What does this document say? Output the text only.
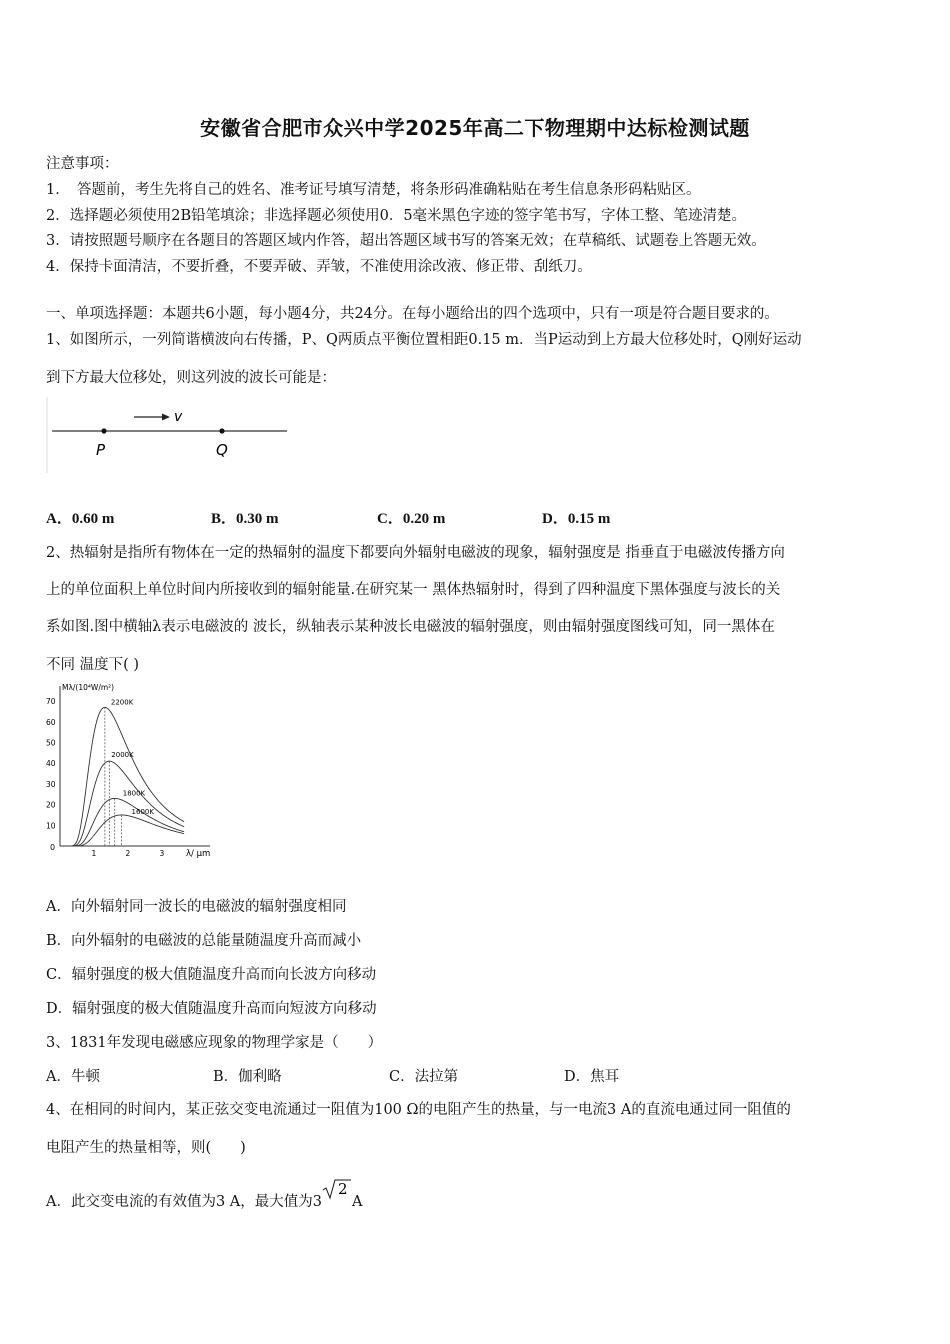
安徽省合肥市众兴中学2025年高二下物理期中达标检测试题
注意事项：
1．　答题前，考生先将自己的姓名、准考证号填写清楚，将条形码准确粘贴在考生信息条形码粘贴区。
2．选择题必须使用2B铅笔填涂；非选择题必须使用0．5毫米黑色字迹的签字笔书写，字体工整、笔迹清楚。
3．请按照题号顺序在各题目的答题区域内作答，超出答题区域书写的答案无效；在草稿纸、试题卷上答题无效。
4．保持卡面清洁，不要折叠，不要弄破、弄皱，不准使用涂改液、修正带、刮纸刀。
一、单项选择题：本题共6小题，每小题4分，共24分。在每小题给出的四个选项中，只有一项是符合题目要求的。
1、如图所示，一列简谐横波向右传播，P、Q两质点平衡位置相距0.15 m．当P运动到上方最大位移处时，Q刚好运动
到下方最大位移处，则这列波的波长可能是：
v
P	Q
A．0.60 m	B．0.30 m	C．0.20 m	D．0.15 m
2、热辐射是指所有物体在一定的热辐射的温度下都要向外辐射电磁波的现象，辐射强度是 指垂直于电磁波传播方向
上的单位面积上单位时间内所接收到的辐射能量.在研究某一 黑体热辐射时，得到了四种温度下黑体强度与波长的关
系如图.图中横轴λ表示电磁波的 波长，纵轴表示某种波长电磁波的辐射强度，则由辐射强度图线可知，同一黑体在
不同 温度下( )
Mλ/(10⁴W/m²)
λ/ μm
0
70
60
50
40
30
20
10
1	2	3
2200K
2000K
1800K
1600K
A．向外辐射同一波长的电磁波的辐射强度相同
B．向外辐射的电磁波的总能量随温度升高而减小
C．辐射强度的极大值随温度升高而向长波方向移动
D．辐射强度的极大值随温度升高而向短波方向移动
3、1831年发现电磁感应现象的物理学家是（　　）
A．牛顿	B．伽利略	C．法拉第	D．焦耳
4、在相同的时间内，某正弦交变电流通过一阻值为100 Ω的电阻产生的热量，与一电流3 A的直流电通过同一阻值的
电阻产生的热量相等，则(　　)
A．此交变电流的有效值为3 A，最大值为3
2
A
